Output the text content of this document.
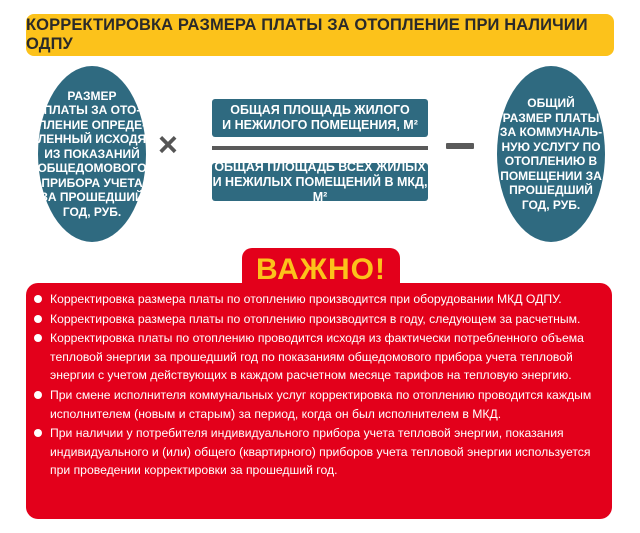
КОРРЕКТИРОВКА РАЗМЕРА ПЛАТЫ ЗА ОТОПЛЕНИЕ ПРИ НАЛИЧИИ ОДПУ
РАЗМЕР
ПЛАТЫ ЗА ОТО-
ПЛЕНИЕ ОПРЕДЕ-
ЛЕННЫЙ ИСХОДЯ
ИЗ ПОКАЗАНИЙ
ОБЩЕДОМОВОГО
ПРИБОРА УЧЕТА
ЗА ПРОШЕДШИЙ
ГОД, РУБ.
×
ОБЩАЯ ПЛОЩАДЬ ЖИЛОГО
И НЕЖИЛОГО ПОМЕЩЕНИЯ, М²
ОБЩАЯ ПЛОЩАДЬ ВСЕХ ЖИЛЫХ
И НЕЖИЛЫХ ПОМЕЩЕНИЙ В МКД, М²
ОБЩИЙ
РАЗМЕР ПЛАТЫ
ЗА КОММУНАЛЬ-
НУЮ УСЛУГУ ПО
ОТОПЛЕНИЮ В
ПОМЕЩЕНИИ ЗА
ПРОШЕДШИЙ
ГОД, РУБ.
ВАЖНО!
Корректировка размера платы по отоплению производится при оборудовании МКД ОДПУ.
Корректировка размера платы по отоплению производится в году, следующем за расчетным.
Корректировка платы по отоплению проводится исходя из фактически потребленного объема тепловой энергии за прошедший год по показаниям общедомового прибора учета тепловой энергии с учетом действующих в каждом расчетном месяце тарифов на тепловую энергию.
При смене исполнителя коммунальных услуг корректировка по отоплению проводится каждым исполнителем (новым и старым) за период, когда он был исполнителем в МКД.
При наличии у потребителя индивидуального прибора учета тепловой энергии, показания индивидуального и (или) общего (квартирного) приборов учета тепловой энергии используется при проведении корректировки за прошедший год.
